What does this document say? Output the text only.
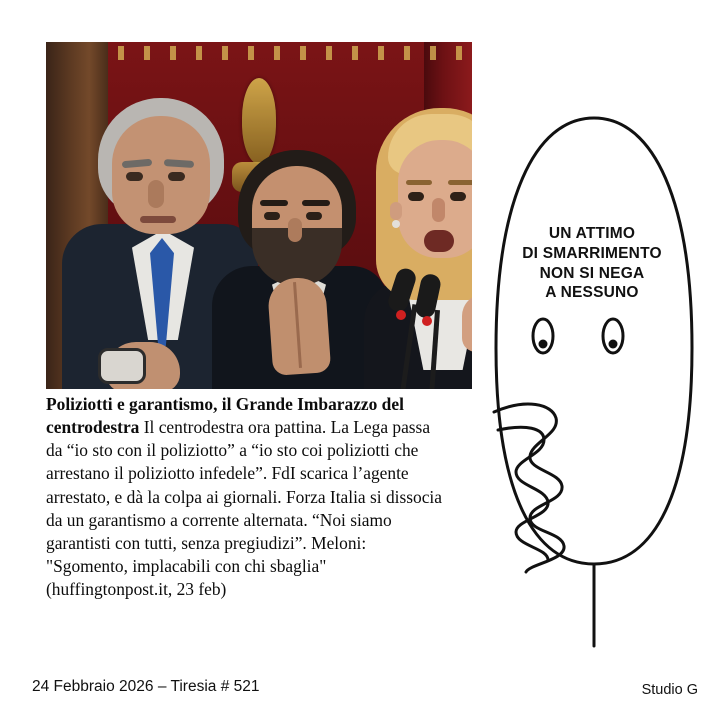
Poliziotti e garantismo, il Grande Imbarazzo del centrodestra Il centrodestra ora pattina. La Lega passa da “io sto con il poliziotto” a “io sto coi poliziotti che arrestano il poliziotto infedele”. FdI scarica l’agente arrestato, e dà la colpa ai giornali. Forza Italia si dissocia da un garantismo a corrente alternata. “Noi siamo garantisti con tutti, senza pregiudizi”. Meloni: "Sgomento, implacabili con chi sbaglia" (huffingtonpost.it, 23 feb)
UN ATTIMO
DI SMARRIMENTO
NON SI NEGA
A NESSUNO
24 Febbraio 2026 – Tiresia # 521	Studio G
